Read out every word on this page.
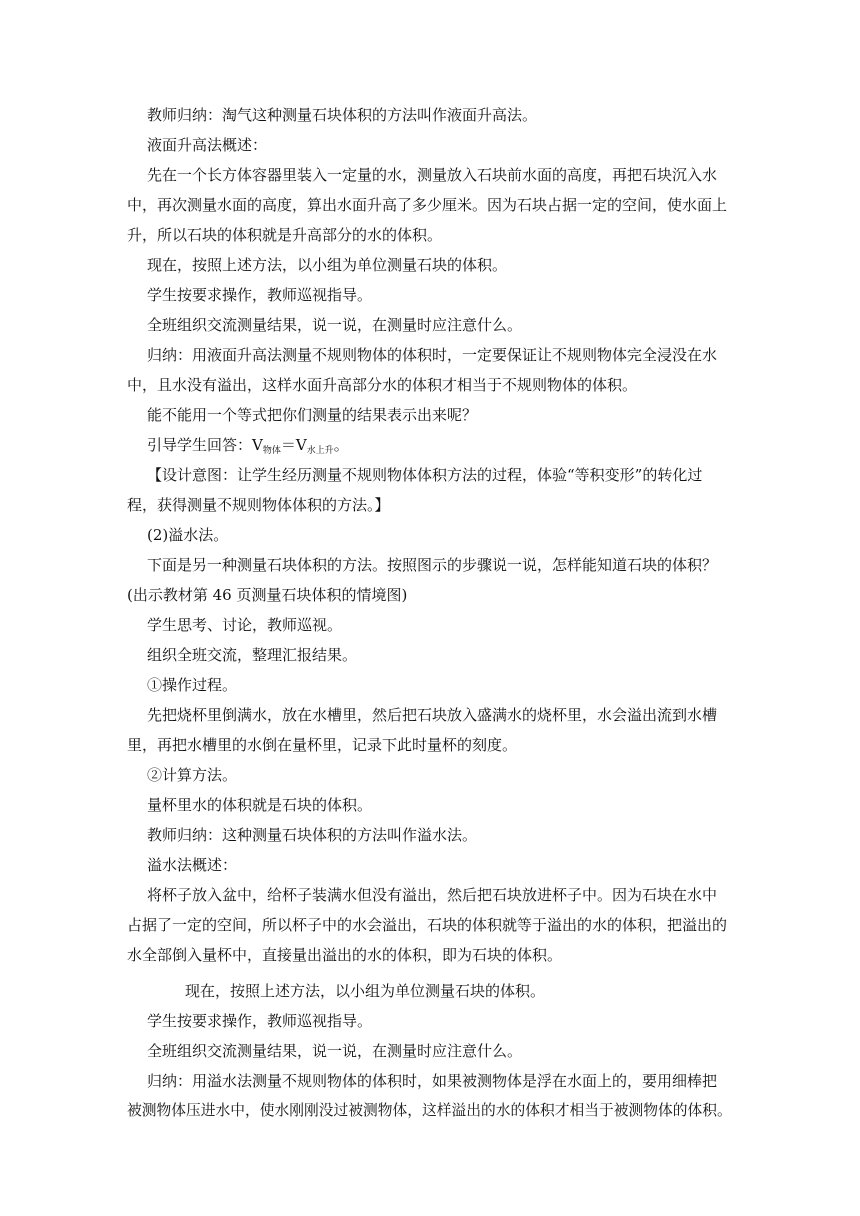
教师归纳：淘气这种测量石块体积的方法叫作液面升高法。

液面升高法概述：

先在一个长方体容器里装入一定量的水，测量放入石块前水面的高度，再把石块沉入水

中，再次测量水面的高度，算出水面升高了多少厘米。因为石块占据一定的空间，使水面上

升，所以石块的体积就是升高部分的水的体积。

现在，按照上述方法，以小组为单位测量石块的体积。

学生按要求操作，教师巡视指导。

全班组织交流测量结果，说一说，在测量时应注意什么。

归纳：用液面升高法测量不规则物体的体积时，一定要保证让不规则物体完全浸没在水

中，且水没有溢出，这样水面升高部分水的体积才相当于不规则物体的体积。

能不能用一个等式把你们测量的结果表示出来呢？

引导学生回答：$V_{物体}=V_{水上升}$。

【设计意图：让学生经历测量不规则物体体积方法的过程，体验“等积变形”的转化过

程，获得测量不规则物体体积的方法。】

(2)溢水法。

下面是另一种测量石块体积的方法。按照图示的步骤说一说，怎样能知道石块的体积？

(出示教材第 46 页测量石块体积的情境图)

学生思考、讨论，教师巡视。

组织全班交流，整理汇报结果。

①操作过程。

先把烧杯里倒满水，放在水槽里，然后把石块放入盛满水的烧杯里，水会溢出流到水槽

里，再把水槽里的水倒在量杯里，记录下此时量杯的刻度。

②计算方法。

量杯里水的体积就是石块的体积。

教师归纳：这种测量石块体积的方法叫作溢水法。

溢水法概述：

将杯子放入盆中，给杯子装满水但没有溢出，然后把石块放进杯子中。因为石块在水中

占据了一定的空间，所以杯子中的水会溢出，石块的体积就等于溢出的水的体积，把溢出的

水全部倒入量杯中，直接量出溢出的水的体积，即为石块的体积。

现在，按照上述方法，以小组为单位测量石块的体积。

学生按要求操作，教师巡视指导。

全班组织交流测量结果，说一说，在测量时应注意什么。

归纳：用溢水法测量不规则物体的体积时，如果被测物体是浮在水面上的，要用细棒把

被测物体压进水中，使水刚刚没过被测物体，这样溢出的水的体积才相当于被测物体的体积。
